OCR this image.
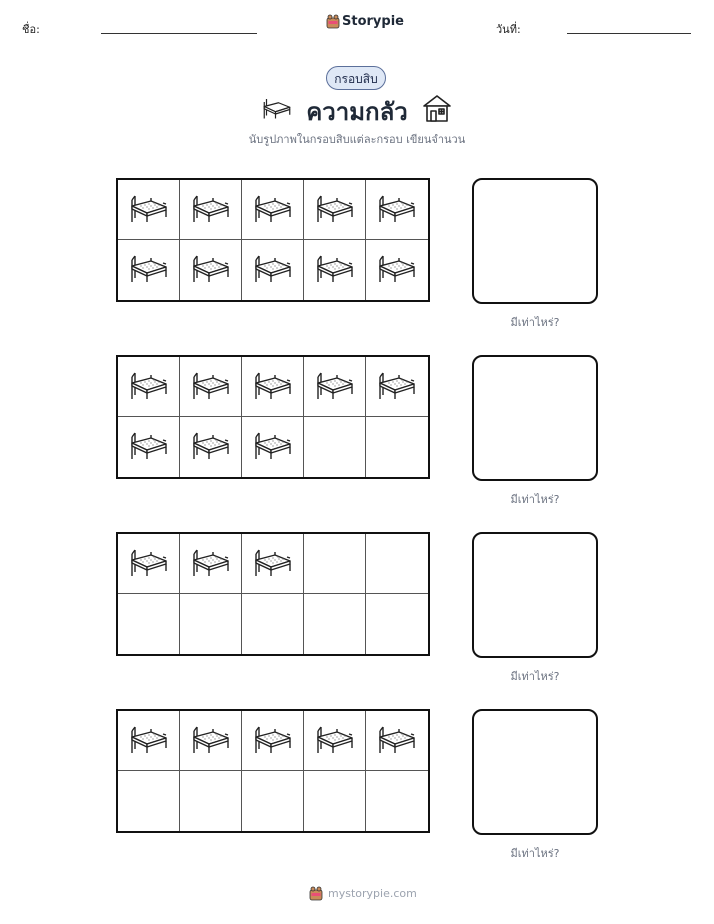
ชื่อ:
Storypie
วันที่:
กรอบสิบ
ความกลัว
นับรูปภาพในกรอบสิบแต่ละกรอบ เขียนจำนวน
มีเท่าไหร่?
มีเท่าไหร่?
มีเท่าไหร่?
มีเท่าไหร่?
mystorypie.com
